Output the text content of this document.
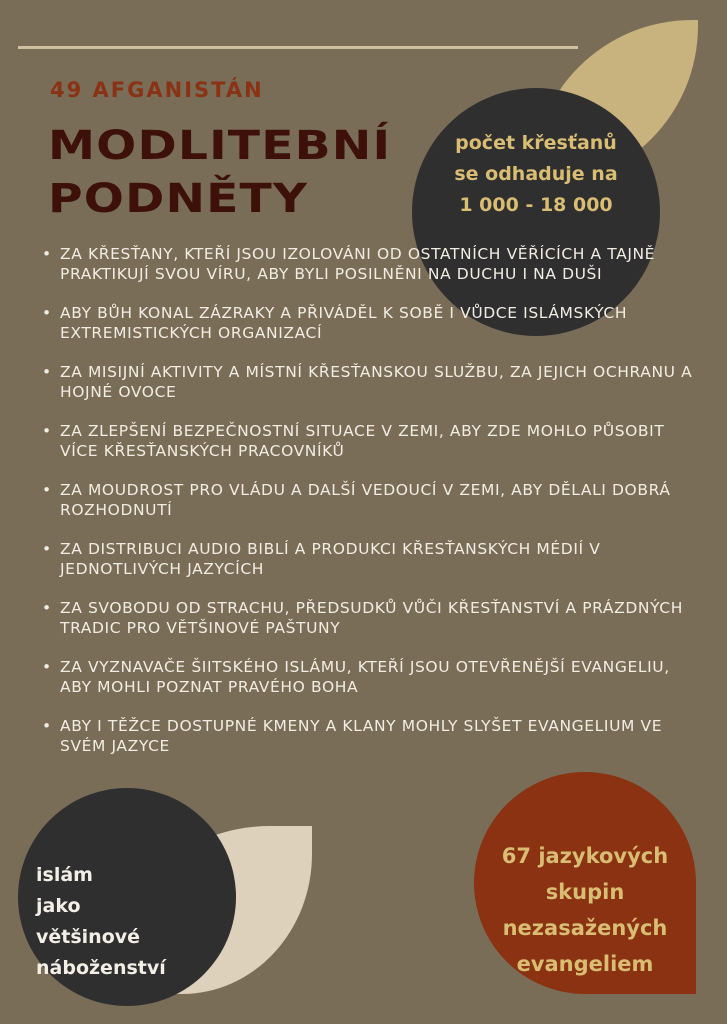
počet křesťanů
se odhaduje na
1 000 - 18 000
49 AFGANISTÁN
MODLITEBNÍ
PODNĚTY
• ZA KŘESŤANY, KTEŘÍ JSOU IZOLOVÁNI OD OSTATNÍCH VĚŘÍCÍCH A TAJNĚ PRAKTIKUJÍ SVOU VÍRU, ABY BYLI POSILNĚNI NA DUCHU I NA DUŠI
• ABY BŮH KONAL ZÁZRAKY A PŘIVÁDĚL K SOBĚ I VŮDCE ISLÁMSKÝCH EXTREMISTICKÝCH ORGANIZACÍ
• ZA MISIJNÍ AKTIVITY A MÍSTNÍ KŘESŤANSKOU SLUŽBU, ZA JEJICH OCHRANU A HOJNÉ OVOCE
• ZA ZLEPŠENÍ BEZPEČNOSTNÍ SITUACE V ZEMI, ABY ZDE MOHLO PŮSOBIT VÍCE KŘESŤANSKÝCH PRACOVNÍKŮ
• ZA MOUDROST PRO VLÁDU A DALŠÍ VEDOUCÍ V ZEMI, ABY DĚLALI DOBRÁ ROZHODNUTÍ
• ZA DISTRIBUCI AUDIO BIBLÍ A PRODUKCI KŘESŤANSKÝCH MÉDIÍ V JEDNOTLIVÝCH JAZYCÍCH
• ZA SVOBODU OD STRACHU, PŘEDSUDKŮ VŮČI KŘESŤANSTVÍ A PRÁZDNÝCH TRADIC PRO VĚTŠINOVÉ PAŠTUNY
• ZA VYZNAVAČE ŠIITSKÉHO ISLÁMU, KTEŘÍ JSOU OTEVŘENĚJŠÍ EVANGELIU, ABY MOHLI POZNAT PRAVÉHO BOHA
• ABY I TĚŽCE DOSTUPNÉ KMENY A KLANY MOHLY SLYŠET EVANGELIUM VE SVÉM JAZYCE
islám
jako
většinové
náboženství
67 jazykových
skupin
nezasažených
evangeliem
